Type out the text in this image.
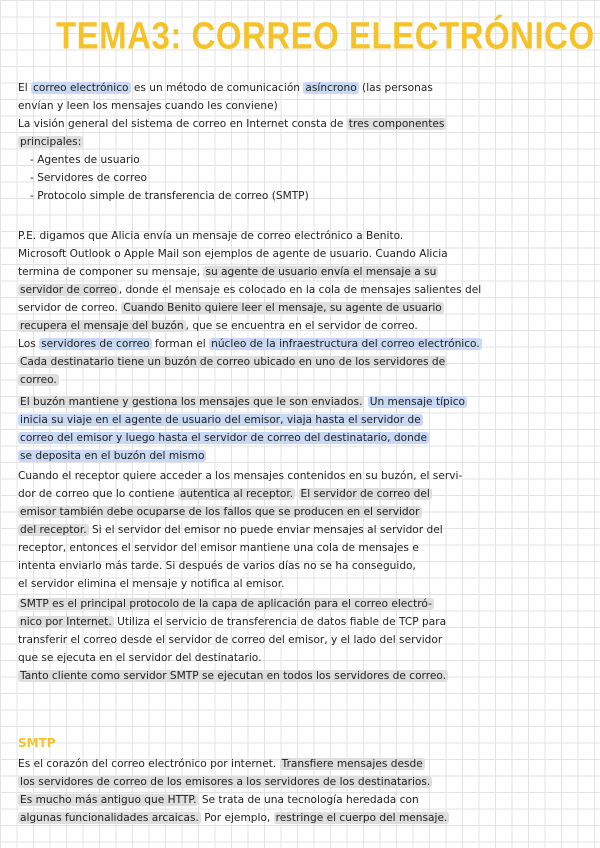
TEMA3: CORREO ELECTRÓNICO
El correo electrónico es un método de comunicación asíncrono (las personas
envían y leen los mensajes cuando les conviene)
La visión general del sistema de correo en Internet consta de tres componentes
principales:
- Agentes de usuario
- Servidores de correo
- Protocolo simple de transferencia de correo (SMTP)
P.E. digamos que Alicia envía un mensaje de correo electrónico a Benito.
Microsoft Outlook o Apple Mail son ejemplos de agente de usuario. Cuando Alicia
termina de componer su mensaje, su agente de usuario envía el mensaje a su
servidor de correo , donde el mensaje es colocado en la cola de mensajes salientes del
servidor de correo. Cuando Benito quiere leer el mensaje, su agente de usuario
recupera el mensaje del buzón , que se encuentra en el servidor de correo.
Los servidores de correo forman el núcleo de la infraestructura del correo electrónico.
Cada destinatario tiene un buzón de correo ubicado en uno de los servidores de
correo.
El buzón mantiene y gestiona los mensajes que le son enviados. Un mensaje típico
inicia su viaje en el agente de usuario del emisor, viaja hasta el servidor de
correo del emisor y luego hasta el servidor de correo del destinatario, donde
se deposita en el buzón del mismo
Cuando el receptor quiere acceder a los mensajes contenidos en su buzón, el servi-
dor de correo que lo contiene autentica al receptor. El servidor de correo del
emisor también debe ocuparse de los fallos que se producen en el servidor
del receptor. Si el servidor del emisor no puede enviar mensajes al servidor del
receptor, entonces el servidor del emisor mantiene una cola de mensajes e
intenta enviarlo más tarde. Si después de varios días no se ha conseguido,
el servidor elimina el mensaje y notifica al emisor.
SMTP es el principal protocolo de la capa de aplicación para el correo electró-
nico por Internet. Utiliza el servicio de transferencia de datos fiable de TCP para
transferir el correo desde el servidor de correo del emisor, y el lado del servidor
que se ejecuta en el servidor del destinatario.
Tanto cliente como servidor SMTP se ejecutan en todos los servidores de correo.
SMTP
Es el corazón del correo electrónico por internet. Transfiere mensajes desde
los servidores de correo de los emisores a los servidores de los destinatarios.
Es mucho más antiguo que HTTP. Se trata de una tecnología heredada con
algunas funcionalidades arcaicas. Por ejemplo, restringe el cuerpo del mensaje.
